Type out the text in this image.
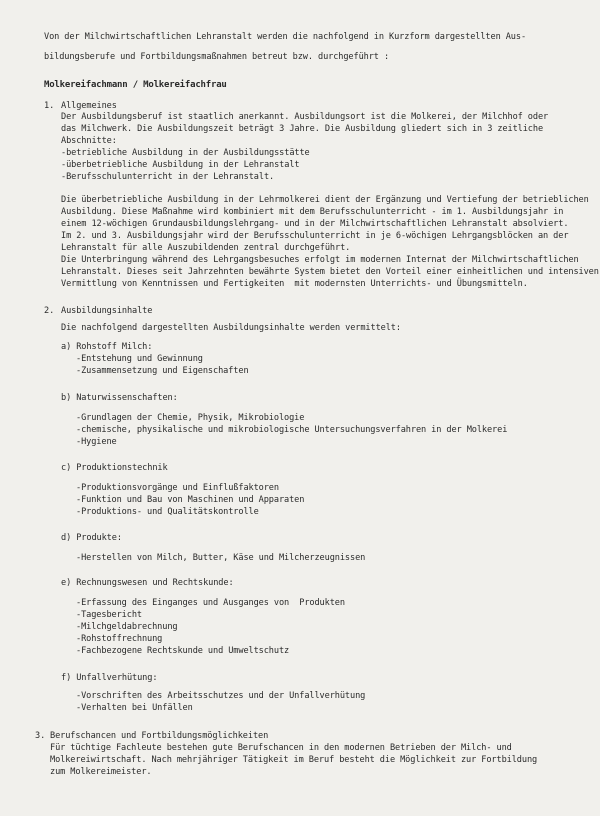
Von der Milchwirtschaftlichen Lehranstalt werden die nachfolgend in Kurzform dargestellten Aus-
bildungsberufe und Fortbildungsmaßnahmen betreut bzw. durchgeführt :
Molkereifachmann / Molkereifachfrau
1. Allgemeines
Der Ausbildungsberuf ist staatlich anerkannt. Ausbildungsort ist die Molkerei, der Milchhof oder
das Milchwerk. Die Ausbildungszeit beträgt 3 Jahre. Die Ausbildung gliedert sich in 3 zeitliche
Abschnitte:
-betriebliche Ausbildung in der Ausbildungsstätte
-überbetriebliche Ausbildung in der Lehranstalt
-Berufsschulunterricht in der Lehranstalt.
Die überbetriebliche Ausbildung in der Lehrmolkerei dient der Ergänzung und Vertiefung der betrieblichen
Ausbildung. Diese Maßnahme wird kombiniert mit dem Berufsschulunterricht - im 1. Ausbildungsjahr in
einem 12-wöchigen Grundausbildungslehrgang- und in der Milchwirtschaftlichen Lehranstalt absolviert.
Im 2. und 3. Ausbildungsjahr wird der Berufsschulunterricht in je 6-wöchigen Lehrgangsblöcken an der
Lehranstalt für alle Auszubildenden zentral durchgeführt.
Die Unterbringung während des Lehrgangsbesuches erfolgt im modernen Internat der Milchwirtschaftlichen
Lehranstalt. Dieses seit Jahrzehnten bewährte System bietet den Vorteil einer einheitlichen und intensiven
Vermittlung von Kenntnissen und Fertigkeiten  mit modernsten Unterrichts- und Übungsmitteln.
2. Ausbildungsinhalte
Die nachfolgend dargestellten Ausbildungsinhalte werden vermittelt:
a) Rohstoff Milch:
-Entstehung und Gewinnung
-Zusammensetzung und Eigenschaften
b) Naturwissenschaften:
-Grundlagen der Chemie, Physik, Mikrobiologie
-chemische, physikalische und mikrobiologische Untersuchungsverfahren in der Molkerei
-Hygiene
c) Produktionstechnik
-Produktionsvorgänge und Einflußfaktoren
-Funktion und Bau von Maschinen und Apparaten
-Produktions- und Qualitätskontrolle
d) Produkte:
-Herstellen von Milch, Butter, Käse und Milcherzeugnissen
e) Rechnungswesen und Rechtskunde:
-Erfassung des Einganges und Ausganges von  Produkten
-Tagesbericht
-Milchgeldabrechnung
-Rohstoffrechnung
-Fachbezogene Rechtskunde und Umweltschutz
f) Unfallverhütung:
-Vorschriften des Arbeitsschutzes und der Unfallverhütung
-Verhalten bei Unfällen
3. Berufschancen und Fortbildungsmöglichkeiten
Für tüchtige Fachleute bestehen gute Berufschancen in den modernen Betrieben der Milch- und
Molkereiwirtschaft. Nach mehrjähriger Tätigkeit im Beruf besteht die Möglichkeit zur Fortbildung
zum Molkereimeister.
